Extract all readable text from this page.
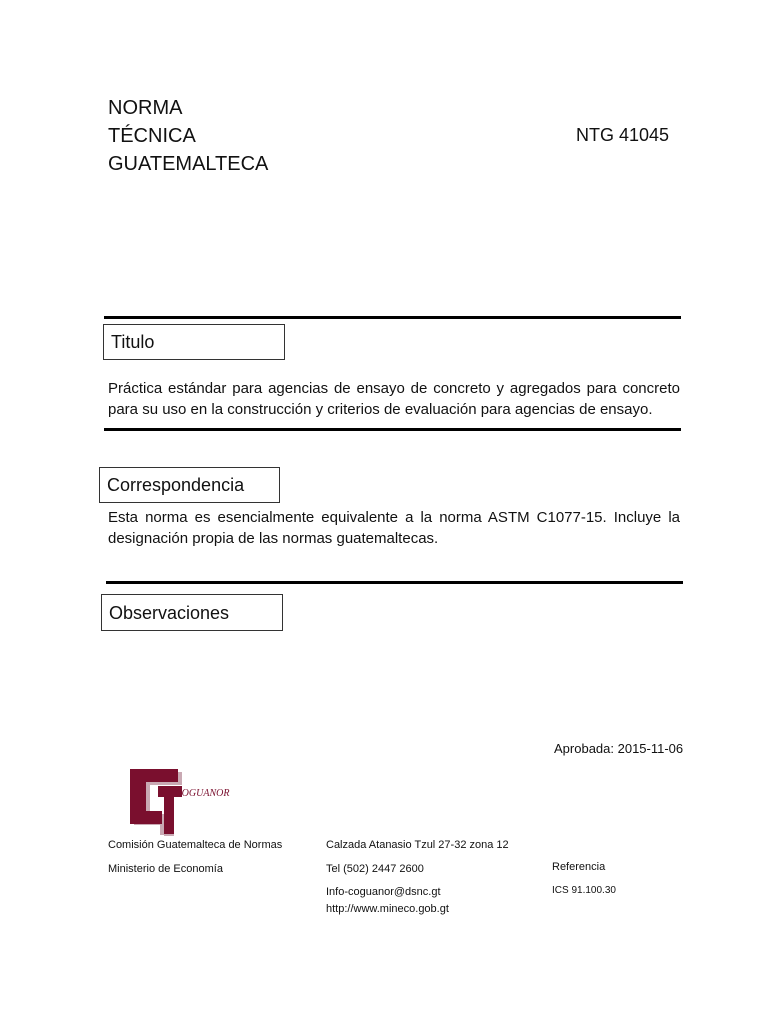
NORMA
TÉCNICA
GUATEMALTECA
NTG 41045
Titulo
Práctica estándar para agencias de ensayo de concreto y agregados para concreto para su uso en la construcción y criterios de evaluación para agencias de ensayo.
Correspondencia
Esta norma es esencialmente equivalente a la norma ASTM C1077-15. Incluye la designación propia de las normas guatemaltecas.
Observaciones
Aprobada: 2015-11-06
COGUANOR
Comisión Guatemalteca de Normas
Ministerio de Economía
Calzada Atanasio Tzul 27-32 zona 12
Tel (502) 2447 2600
Info-coguanor@dsnc.gt
http://www.mineco.gob.gt
Referencia
ICS 91.100.30
